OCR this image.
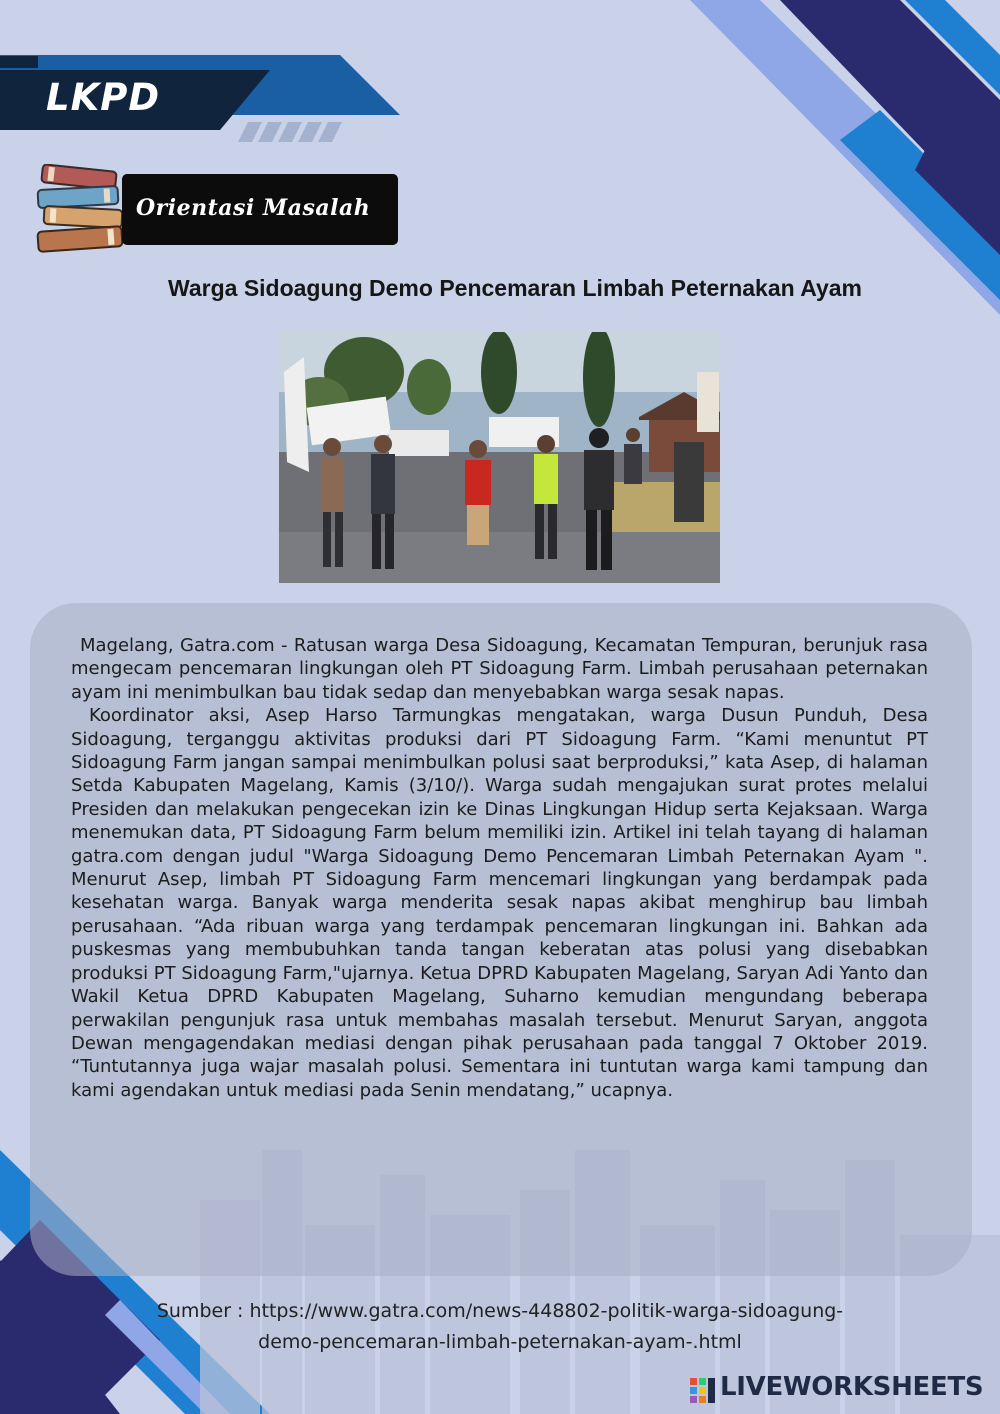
LKPD
Orientasi Masalah
Warga Sidoagung Demo Pencemaran Limbah Peternakan Ayam

Magelang, Gatra.com - Ratusan warga Desa Sidoagung, Kecamatan Tempuran, berunjuk rasa mengecam pencemaran lingkungan oleh PT Sidoagung Farm. Limbah perusahaan peternakan ayam ini menimbulkan bau tidak sedap dan menyebabkan warga sesak napas.

Koordinator aksi, Asep Harso Tarmungkas mengatakan, warga Dusun Punduh, Desa Sidoagung, terganggu aktivitas produksi dari PT Sidoagung Farm. “Kami menuntut PT Sidoagung Farm jangan sampai menimbulkan polusi saat berproduksi,” kata Asep, di halaman Setda Kabupaten Magelang, Kamis (3/10/). Warga sudah mengajukan surat protes melalui Presiden dan melakukan pengecekan izin ke Dinas Lingkungan Hidup serta Kejaksaan. Warga menemukan data, PT Sidoagung Farm belum memiliki izin. Artikel ini telah tayang di halaman gatra.com dengan judul "Warga Sidoagung Demo Pencemaran Limbah Peternakan Ayam ". Menurut Asep, limbah PT Sidoagung Farm mencemari lingkungan yang berdampak pada kesehatan warga. Banyak warga menderita sesak napas akibat menghirup bau limbah perusahaan. “Ada ribuan warga yang terdampak pencemaran lingkungan ini. Bahkan ada puskesmas yang membubuhkan tanda tangan keberatan atas polusi yang disebabkan produksi PT Sidoagung Farm,"ujarnya. Ketua DPRD Kabupaten Magelang, Saryan Adi Yanto dan Wakil Ketua DPRD Kabupaten Magelang, Suharno kemudian mengundang beberapa perwakilan pengunjuk rasa untuk membahas masalah tersebut. Menurut Saryan, anggota Dewan mengagendakan mediasi dengan pihak perusahaan pada tanggal 7 Oktober 2019. “Tuntutannya juga wajar masalah polusi. Sementara ini tuntutan warga kami tampung dan kami agendakan untuk mediasi pada Senin mendatang,” ucapnya.

Sumber : https://www.gatra.com/news-448802-politik-warga-sidoagung-
demo-pencemaran-limbah-peternakan-ayam-.html
LIVEWORKSHEETS
